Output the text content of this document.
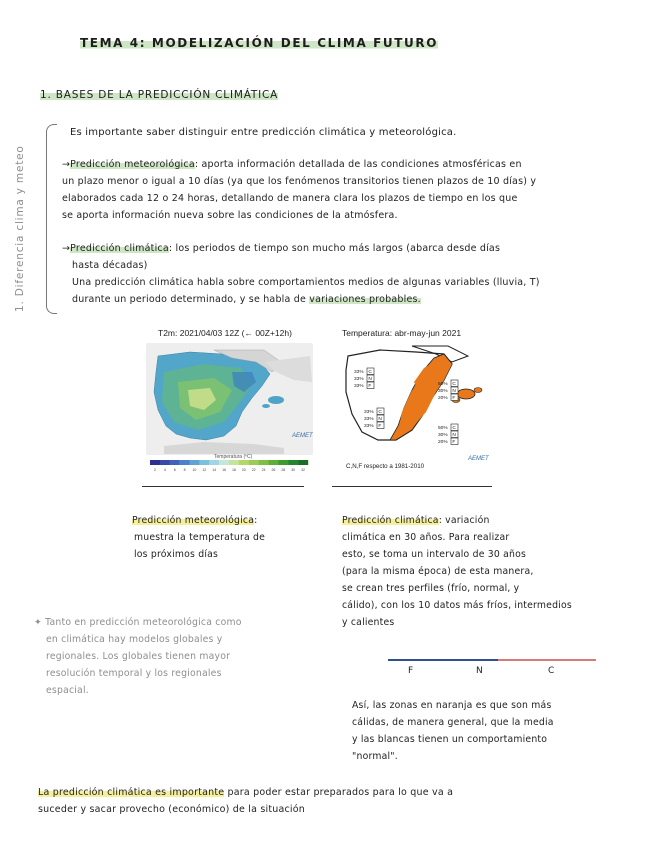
TEMA 4: MODELIZACIÓN DEL CLIMA FUTURO
1. BASES DE LA PREDICCIÓN CLIMÁTICA
1. Diferencia clima y meteo
Es importante saber distinguir entre predicción climática y meteorológica.
→Predicción meteorológica: aporta información detallada de las condiciones atmosféricas en
un plazo menor o igual a 10 días (ya que los fenómenos transitorios tienen plazos de 10 días) y
elaborados cada 12 o 24 horas, detallando de manera clara los plazos de tiempo en los que
se aporta información nueva sobre las condiciones de la atmósfera.
→Predicción climática: los periodos de tiempo son mucho más largos (abarca desde días
hasta décadas)
Una predicción climática habla sobre comportamientos medios de algunas variables (lluvia, T)
durante un periodo determinado, y se habla de variaciones probables.
T2m: 2021/04/03 12Z (← 00Z+12h)
AEMET
Temperatura (ºC)
2 4 6 8 10 12 14 16 18 20 22 24 26 28 30 32
Temperatura: abr-may-jun 2021
33% C
33% N
33% F	50% C
30% N
20% F
33% C
33% N
33% F	50% C
30% N
20% F
C,N,F respecto a 1981-2010
AEMET
Predicción meteorológica:
muestra la temperatura de
los próximos días
Predicción climática: variación
climática en 30 años. Para realizar
esto, se toma un intervalo de 30 años
(para la misma época) de esta manera,
se crean tres perfiles (frío, normal, y
cálido), con los 10 datos más fríos, intermedios
y calientes
✦ Tanto en predicción meteorológica como
en climática hay modelos globales y
regionales. Los globales tienen mayor
resolución temporal y los regionales
espacial.
F	N	C
Así, las zonas en naranja es que son más
cálidas, de manera general, que la media
y las blancas tienen un comportamiento
"normal".
La predicción climática es importante para poder estar preparados para lo que va a
suceder y sacar provecho (económico) de la situación
